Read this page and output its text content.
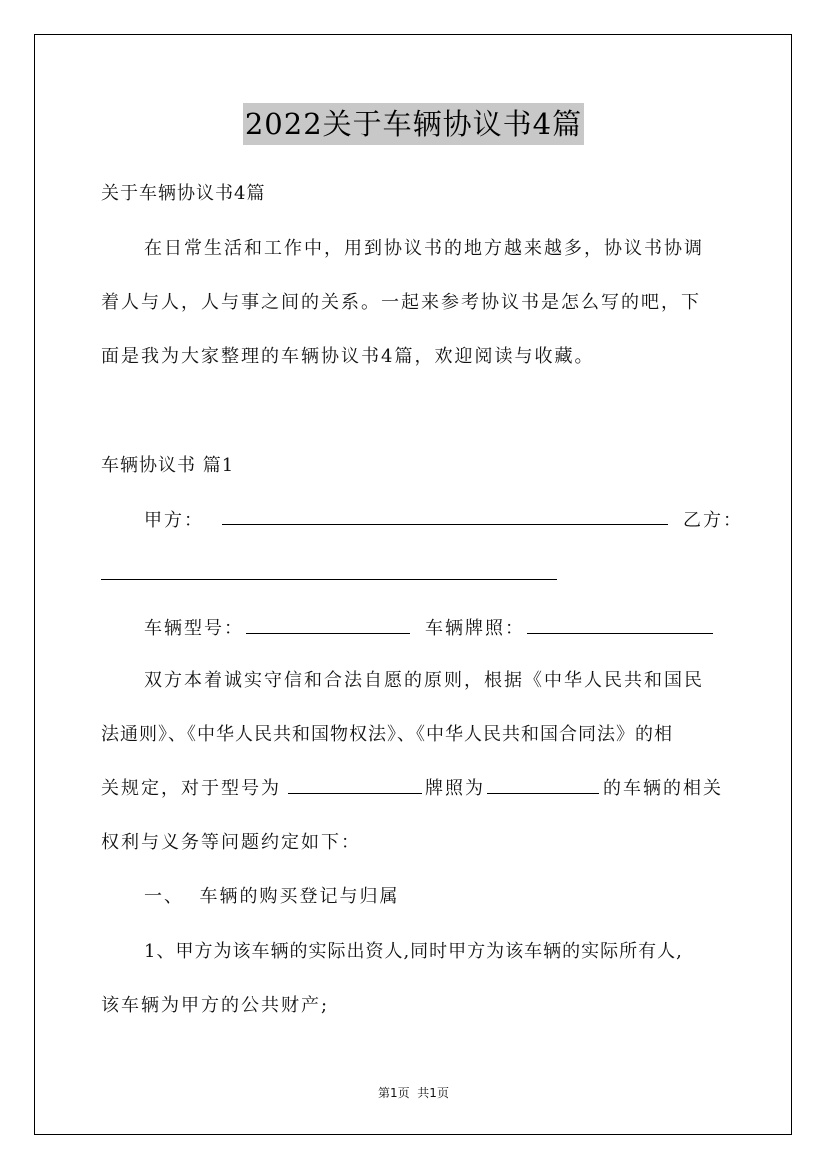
2022关于车辆协议书4篇
关于车辆协议书4篇
在日常生活和工作中，用到协议书的地方越来越多，协议书协调
着人与人，人与事之间的关系。一起来参考协议书是怎么写的吧，下
面是我为大家整理的车辆协议书4篇，欢迎阅读与收藏。
车辆协议书 篇1
甲方：	乙方：
车辆型号：	车辆牌照：
双方本着诚实守信和合法自愿的原则，根据《中华人民共和国民
法通则》、《中华人民共和国物权法》、《中华人民共和国合同法》的相
关规定，对于型号为	牌照为	的车辆的相关
权利与义务等问题约定如下：
一、  车辆的购买登记与归属
1、甲方为该车辆的实际出资人,同时甲方为该车辆的实际所有人,
该车辆为甲方的公共财产;
第1页  共1页
